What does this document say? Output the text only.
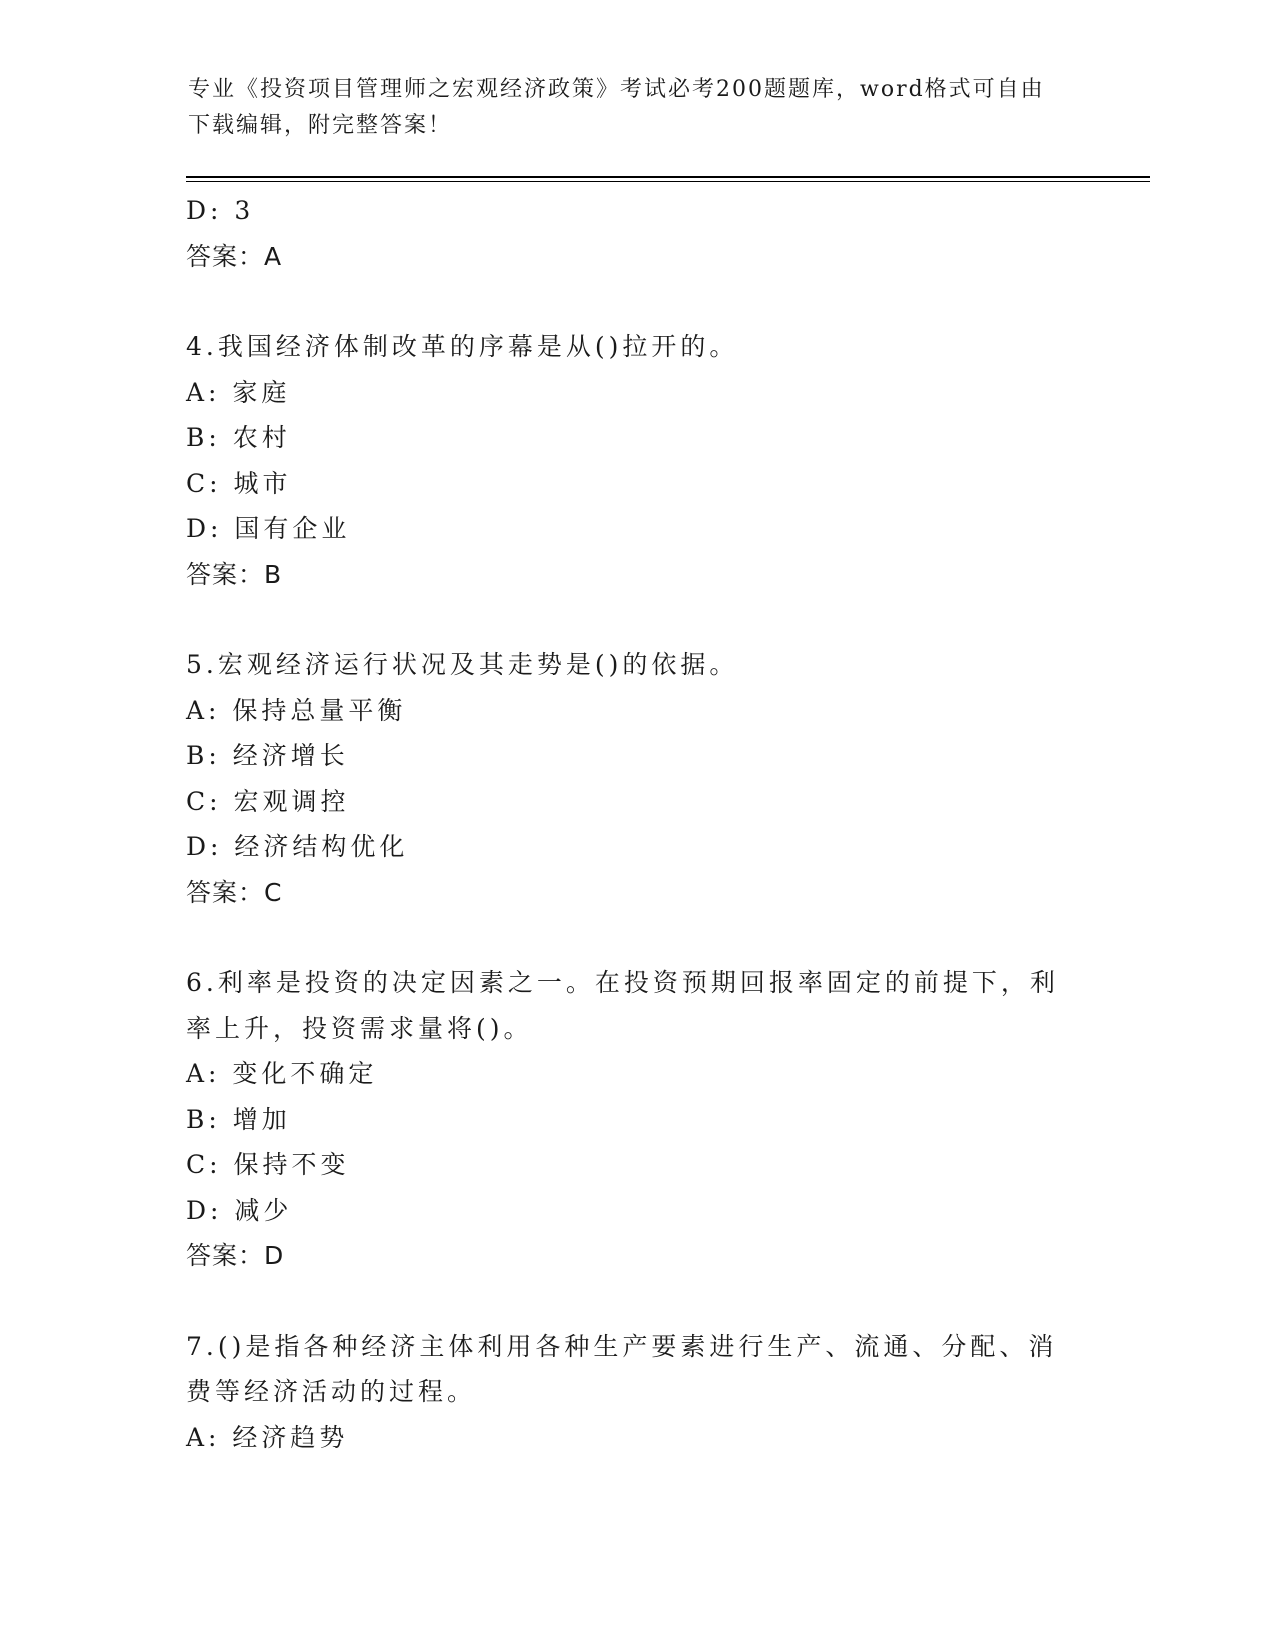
专业《投资项目管理师之宏观经济政策》考试必考200题题库，word格式可自由下载编辑，附完整答案！
D: 3
答案：A
4.我国经济体制改革的序幕是从()拉开的。
A: 家庭
B: 农村
C: 城市
D: 国有企业
答案：B
5.宏观经济运行状况及其走势是()的依据。
A: 保持总量平衡
B: 经济增长
C: 宏观调控
D: 经济结构优化
答案：C
6.利率是投资的决定因素之一。在投资预期回报率固定的前提下，利率上升，投资需求量将()。
A: 变化不确定
B: 增加
C: 保持不变
D: 减少
答案：D
7.()是指各种经济主体利用各种生产要素进行生产、流通、分配、消费等经济活动的过程。
A: 经济趋势
